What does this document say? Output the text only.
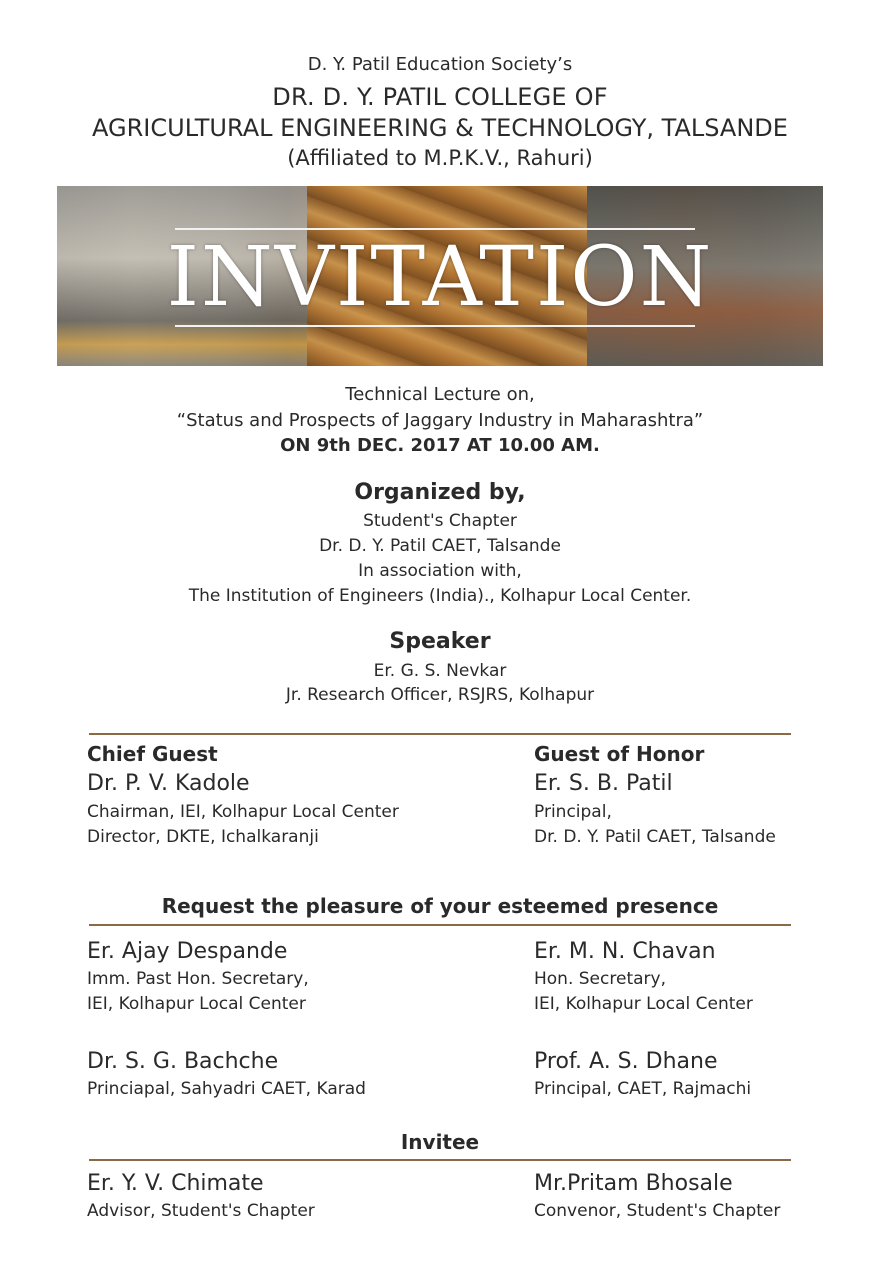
D. Y. Patil Education Society’s
DR. D. Y. PATIL COLLEGE OF
AGRICULTURAL ENGINEERING & TECHNOLOGY, TALSANDE
(Affiliated to M.P.K.V., Rahuri)
INVITATION
Technical Lecture on,
“Status and Prospects of Jaggary Industry in Maharashtra”
ON 9th DEC. 2017 AT 10.00 AM.
Organized by,
Student's Chapter
Dr. D. Y. Patil CAET, Talsande
In association with,
The Institution of Engineers (India)., Kolhapur Local Center.
Speaker
Er. G. S. Nevkar
Jr. Research Officer, RSJRS, Kolhapur
Chief Guest
Dr. P. V. Kadole
Chairman, IEI, Kolhapur Local Center
Director, DKTE, Ichalkaranji
Guest of Honor
Er. S. B. Patil
Principal,
Dr. D. Y. Patil CAET, Talsande
Request the pleasure of your esteemed presence
Er. Ajay Despande
Imm. Past Hon. Secretary,
IEI, Kolhapur Local Center
Er. M. N. Chavan
Hon. Secretary,
IEI, Kolhapur Local Center
Dr. S. G. Bachche
Princiapal, Sahyadri CAET, Karad
Prof. A. S. Dhane
Principal, CAET, Rajmachi
Invitee
Er. Y. V. Chimate
Advisor, Student's Chapter
Mr.Pritam Bhosale
Convenor, Student's Chapter
